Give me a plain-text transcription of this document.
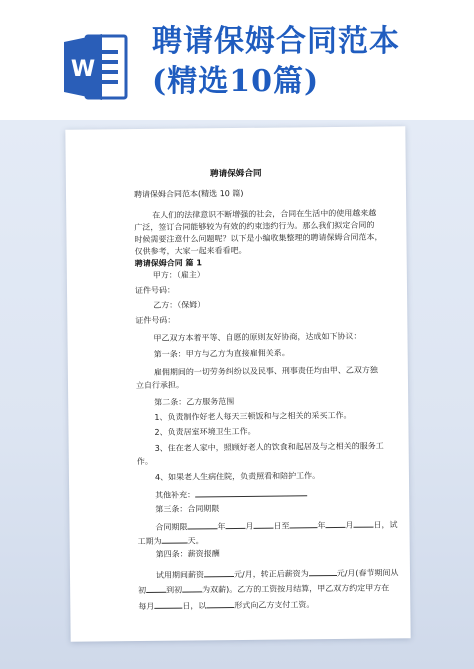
W
聘请保姆合同范本
(精选10篇)
聘请保姆合同
聘请保姆合同范本(精选 10 篇)
在人们的法律意识不断增强的社会，合同在生活中的使用越来越
广泛，签订合同能够较为有效的约束违约行为。那么我们拟定合同的
时候需要注意什么问题呢？以下是小编收集整理的聘请保姆合同范本，
仅供参考，大家一起来看看吧。
聘请保姆合同 篇 1
甲方：（雇主）
证件号码：
乙方：（保姆）
证件号码：
甲乙双方本着平等、自愿的原则友好协商，达成如下协议：
第一条：甲方与乙方为直接雇佣关系。
雇佣期间的一切劳务纠纷以及民事、刑事责任均由甲、乙双方独
立自行承担。
第二条：乙方服务范围
1、负责制作好老人每天三顿饭和与之相关的采买工作。
2、负责居室环境卫生工作。
3、住在老人家中，照顾好老人的饮食和起居及与之相关的服务工
作。
4、如果老人生病住院，负责照看和陪护工作。
其他补充：
第三条：合同期限
合同期限	年 月 日至	年 月 日，试
工期为	天。
第四条：薪资报酬
试用期间薪资	元/月，转正后薪资为	元/月(春节期间从
初 到初 为双薪)。乙方的工资按月结算，甲乙双方约定甲方在
每月	日，以	形式向乙方支付工资。
